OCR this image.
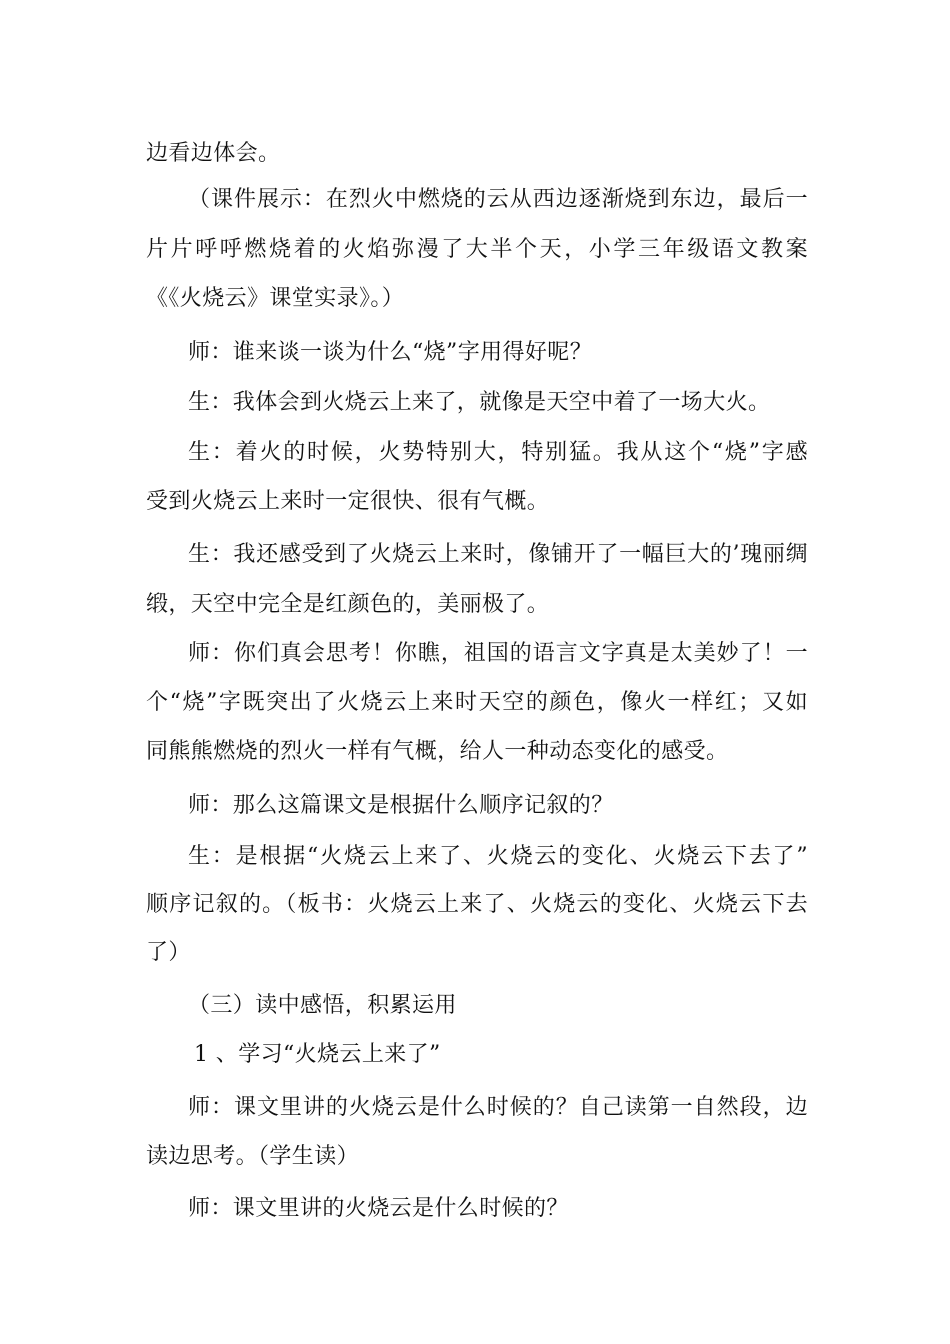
边看边体会。
（课件展示：在烈火中燃烧的云从西边逐渐烧到东边，最后一
片片呼呼燃烧着的火焰弥漫了大半个天，小学三年级语文教案
《《火烧云》课堂实录》。）
师：谁来谈一谈为什么“烧”字用得好呢？
生：我体会到火烧云上来了，就像是天空中着了一场大火。
生：着火的时候，火势特别大，特别猛。我从这个“烧”字感
受到火烧云上来时一定很快、很有气概。
生：我还感受到了火烧云上来时，像铺开了一幅巨大的’瑰丽绸
缎，天空中完全是红颜色的，美丽极了。
师：你们真会思考！你瞧，祖国的语言文字真是太美妙了！一
个“烧”字既突出了火烧云上来时天空的颜色，像火一样红；又如
同熊熊燃烧的烈火一样有气概，给人一种动态变化的感受。
师：那么这篇课文是根据什么顺序记叙的？
生：是根据“火烧云上来了、火烧云的变化、火烧云下去了”
顺序记叙的。（板书：火烧云上来了、火烧云的变化、火烧云下去
了）
（三）读中感悟，积累运用
1 、学习“火烧云上来了”
师：课文里讲的火烧云是什么时候的？自己读第一自然段，边
读边思考。（学生读）
师：课文里讲的火烧云是什么时候的？
